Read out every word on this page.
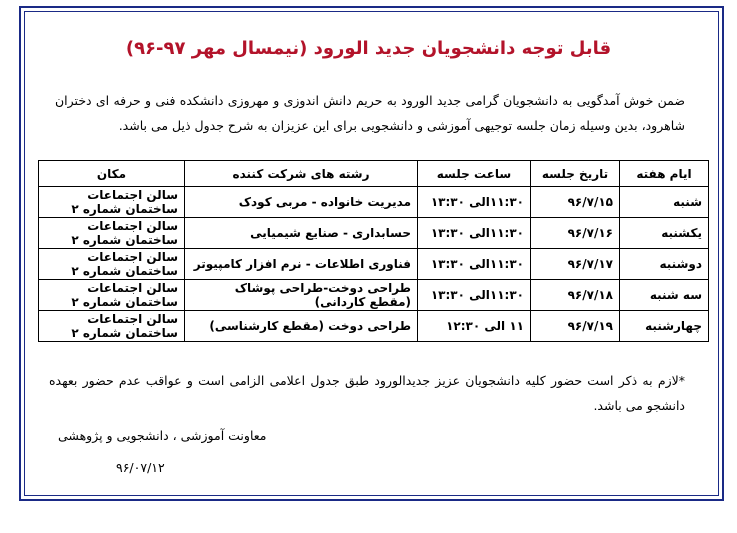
قابل توجه دانشجویان جدید الورود (نیمسال مهر ۹۷-۹۶)
ضمن خوش آمدگویی به دانشجویان گرامی جدید الورود به حریم دانش اندوزی و مهروزی دانشکده فنی و حرفه ای دختران شاهرود، بدین وسیله زمان جلسه توجیهی آموزشی و دانشجویی برای این عزیزان به شرح جدول ذیل می باشد.
ایام هفته	تاریخ جلسه	ساعت جلسه	رشته های شرکت کننده	مکان
شنبه	۹۶/۷/۱۵	۱۱:۳۰الی ۱۳:۳۰	مدیریت خانواده - مربی کودک	سالن اجتماعات ساختمان شماره ۲
یکشنبه	۹۶/۷/۱۶	۱۱:۳۰الی ۱۳:۳۰	حسابداری - صنایع شیمیایی	سالن اجتماعات ساختمان شماره ۲
دوشنبه	۹۶/۷/۱۷	۱۱:۳۰الی ۱۳:۳۰	فناوری اطلاعات - نرم افزار کامپیوتر	سالن اجتماعات ساختمان شماره ۲
سه شنبه	۹۶/۷/۱۸	۱۱:۳۰الی ۱۳:۳۰	طراحی دوخت-طراحی پوشاک (مقطع کاردانی)	سالن اجتماعات ساختمان شماره ۲
چهارشنبه	۹۶/۷/۱۹	۱۱ الی ۱۲:۳۰	طراحی دوخت (مقطع کارشناسی)	سالن اجتماعات ساختمان شماره ۲
*لازم به ذکر است حضور کلیه دانشجویان عزیز جدیدالورود طبق جدول اعلامی الزامی است و عواقب عدم حضور بعهده دانشجو می باشد.
معاونت آموزشی ، دانشجویی و پژوهشی
۹۶/۰۷/۱۲
